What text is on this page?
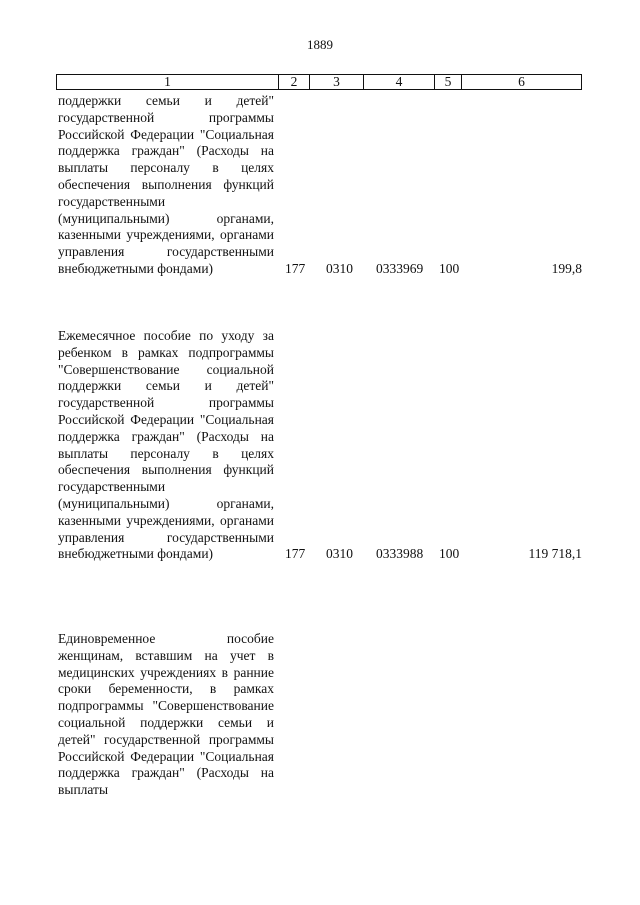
1889
1	2	3	4	5	6
поддержки семьи и детей" государственной программы Российской Федерации "Социальная поддержка граждан" (Расходы на выплаты персоналу в целях обеспечения выполнения функций государственными (муниципальными) органами, казенными учреждениями, органами управления государственными внебюджетными фондами)	177 0310 0333969 100	199,8
Ежемесячное пособие по уходу за ребенком в рамках подпрограммы "Совершенствование социальной поддержки семьи и детей" государственной программы Российской Федерации "Социальная поддержка граждан" (Расходы на выплаты персоналу в целях обеспечения выполнения функций государственными (муниципальными) органами, казенными учреждениями, органами управления государственными внебюджетными фондами)	177 0310 0333988 100	119 718,1
Единовременное пособие женщинам, вставшим на учет в медицинских учреждениях в ранние сроки беременности, в рамках подпрограммы "Совершенствование социальной поддержки семьи и детей" государственной программы Российской Федерации "Социальная поддержка граждан" (Расходы на выплаты
